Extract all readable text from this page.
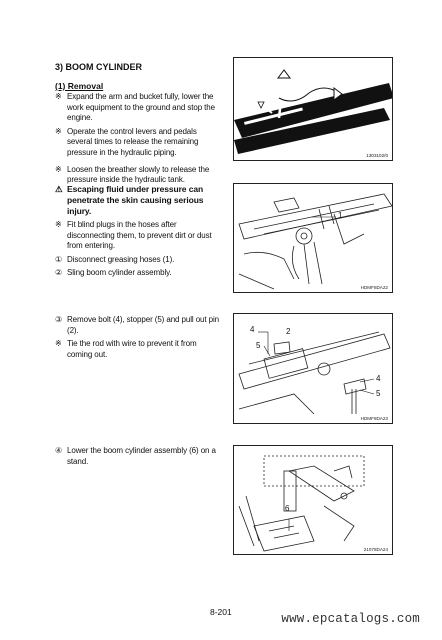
3) BOOM CYLINDER
(1) Removal
※ Expand the arm and bucket fully, lower the work equipment to the ground and stop the engine.
※ Operate the control levers and pedals several times to release the remaining pressure in the hydraulic piping.
※ Loosen the breather slowly to release the pressure inside the hydraulic tank.
⚠ Escaping fluid under pressure can penetrate the skin causing serious injury.
※ Fit blind plugs in the hoses after disconnecting them, to prevent dirt or dust from entering.
① Disconnect greasing hoses (1).
② Sling boom cylinder assembly.
③ Remove bolt (4), stopper (5) and pull out pin (2).
※ Tie the rod with wire to prevent it from coming out.
④ Lower the boom cylinder assembly (6) on a stand.
1303102/0
1
HDMF8DA22
4	2
5
4
5
HDMF8DA23
6
21078DA24
8-201	www.epcatalogs.com
